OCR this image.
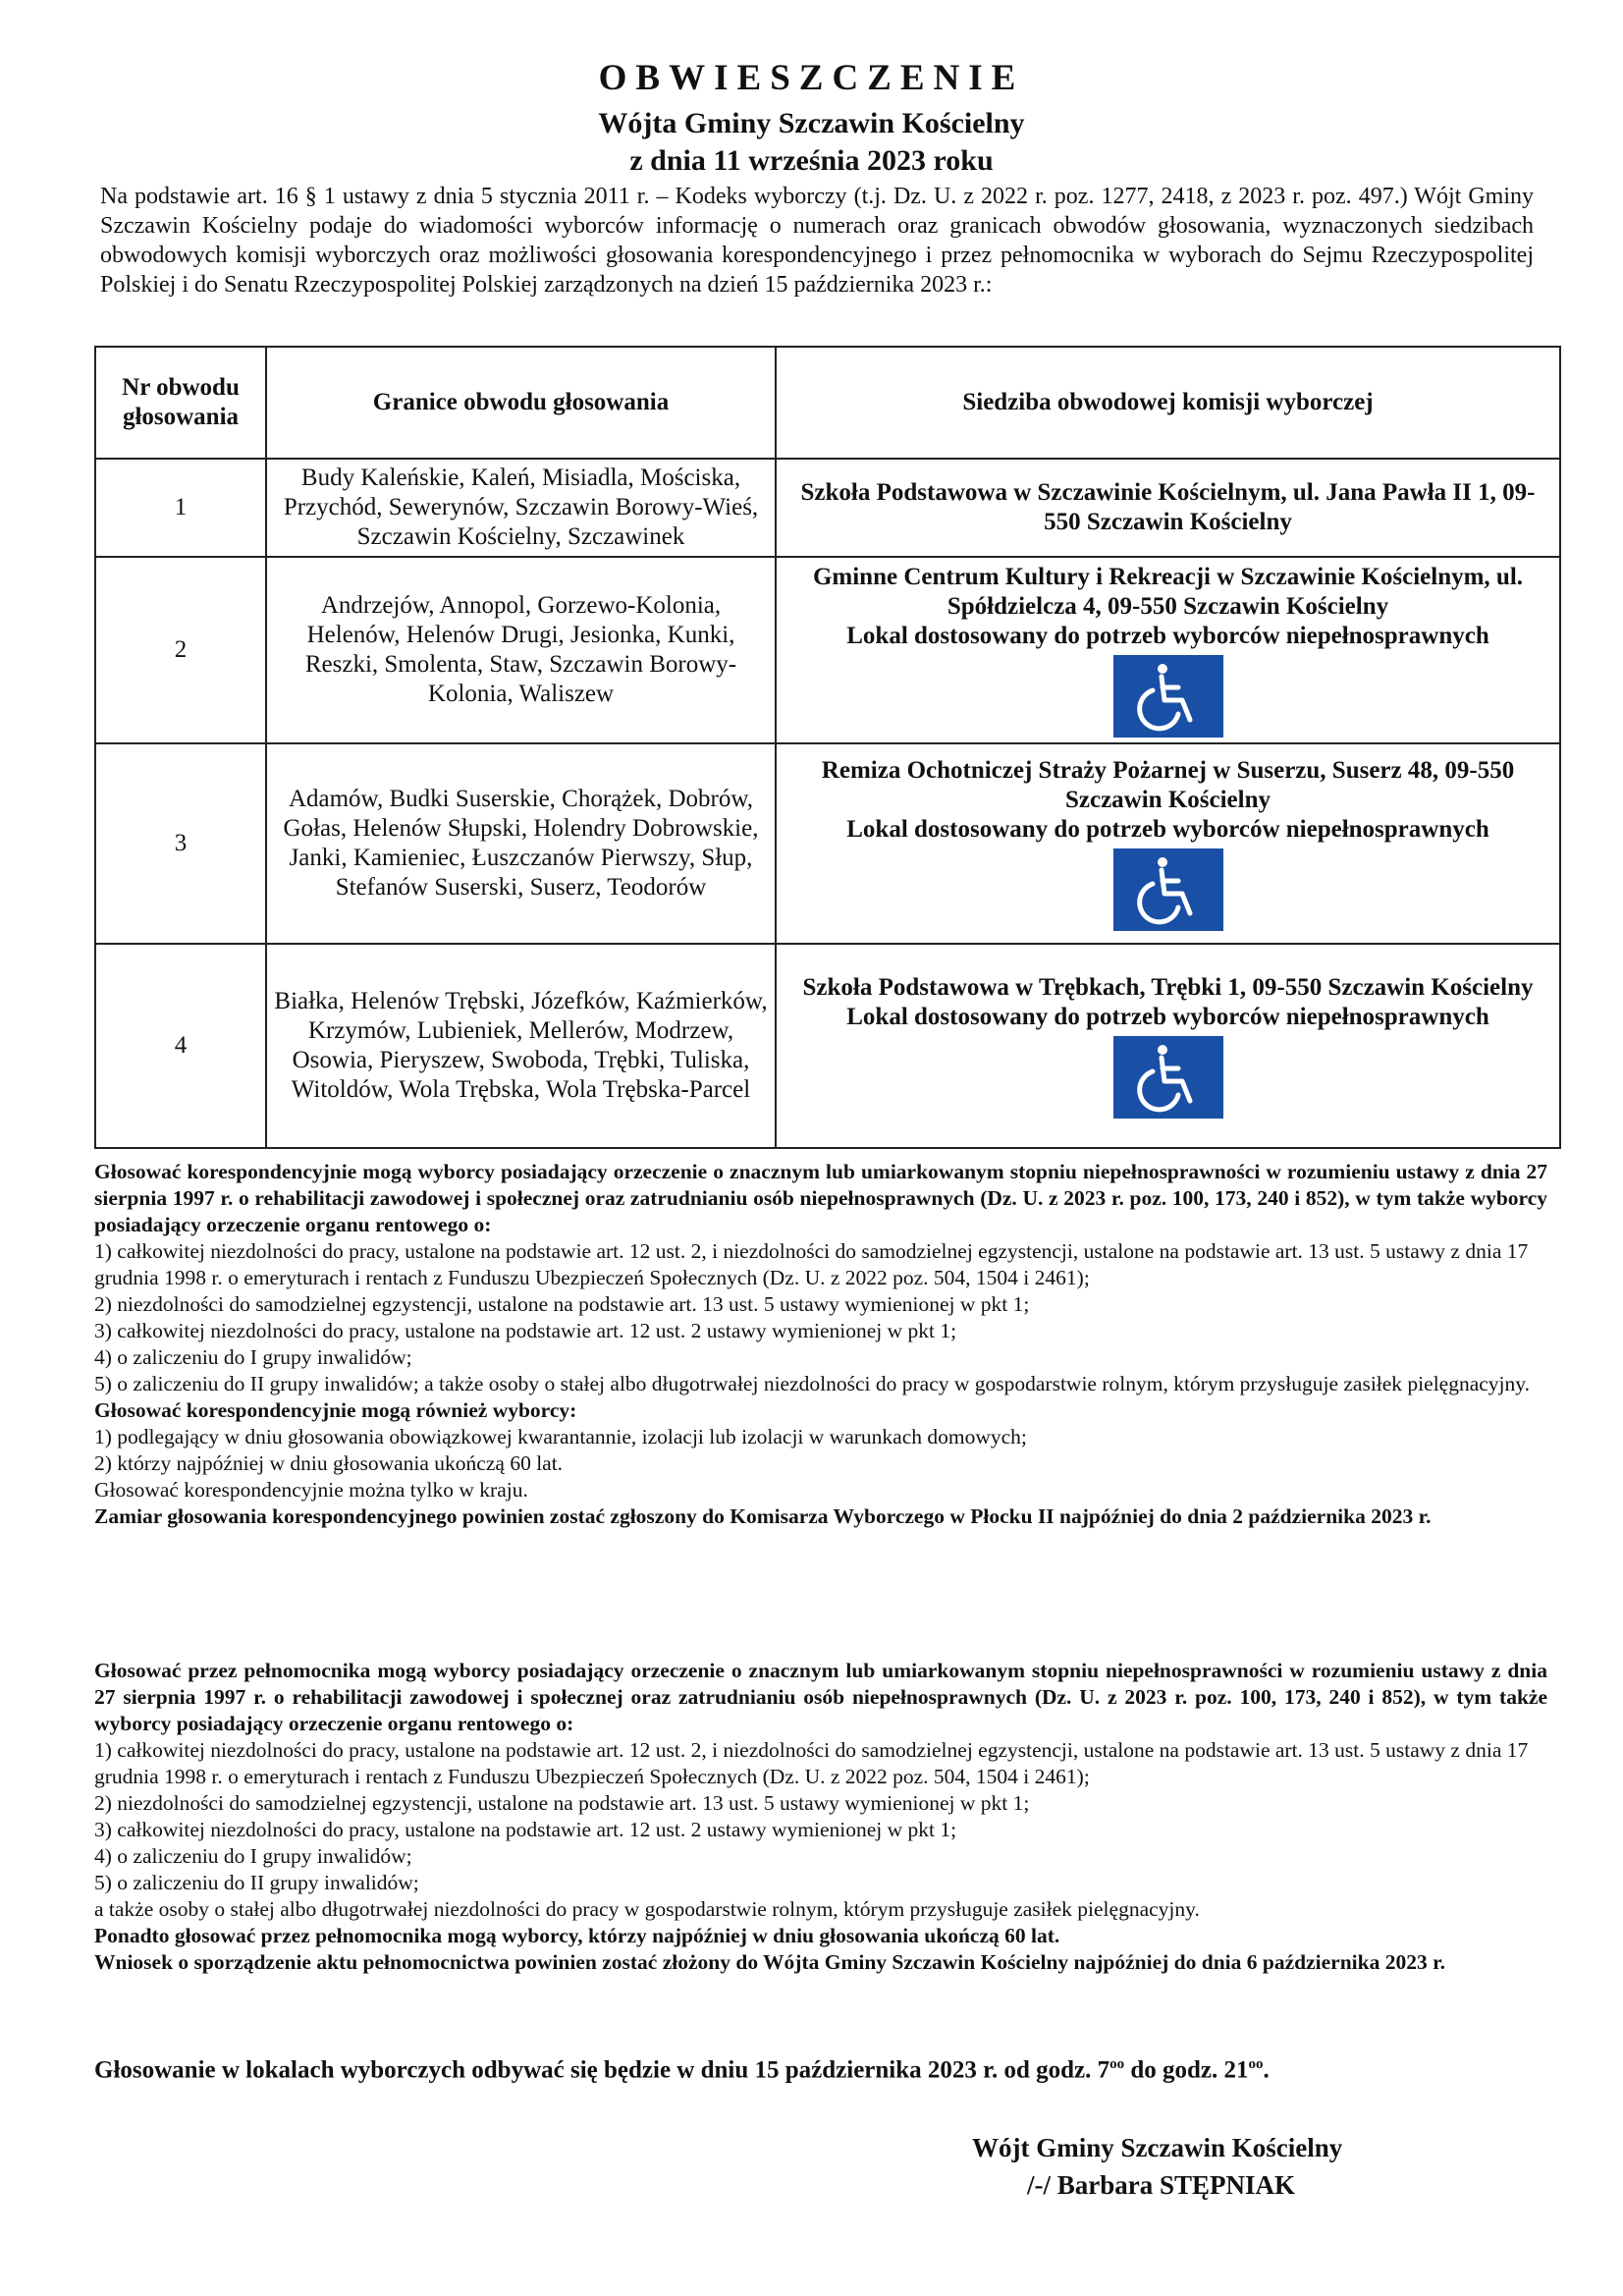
OBWIESZCZENIE
Wójta Gminy Szczawin Kościelny
z dnia 11 września 2023 roku

Na podstawie art. 16 § 1 ustawy z dnia 5 stycznia 2011 r. – Kodeks wyborczy (t.j. Dz. U. z 2022 r. poz. 1277, 2418, z 2023 r. poz. 497.) Wójt Gminy Szczawin Kościelny podaje do wiadomości wyborców informację o numerach oraz granicach obwodów głosowania, wyznaczonych siedzibach obwodowych komisji wyborczych oraz możliwości głosowania korespondencyjnego i przez pełnomocnika w wyborach do Sejmu Rzeczypospolitej Polskiej i do Senatu Rzeczypospolitej Polskiej zarządzonych na dzień 15 października 2023 r.:

Nr obwodu głosowania	Granice obwodu głosowania	Siedziba obwodowej komisji wyborczej
1	Budy Kaleńskie, Kaleń, Misiadla, Mościska, Przychód, Sewerynów, Szczawin Borowy-Wieś, Szczawin Kościelny, Szczawinek	Szkoła Podstawowa w Szczawinie Kościelnym, ul. Jana Pawła II 1, 09-550 Szczawin Kościelny

2	Andrzejów, Annopol, Gorzewo-Kolonia, Helenów, Helenów Drugi, Jesionka, Kunki, Reszki, Smolenta, Staw, Szczawin Borowy-Kolonia, Waliszew	Gminne Centrum Kultury i Rekreacji w Szczawinie Kościelnym, ul. Spółdzielcza 4, 09-550 Szczawin Kościelny
Lokal dostosowany do potrzeb wyborców niepełnosprawnych

3	Adamów, Budki Suserskie, Chorążek, Dobrów, Gołas, Helenów Słupski, Holendry Dobrowskie, Janki, Kamieniec, Łuszczanów Pierwszy, Słup, Stefanów Suserski, Suserz, Teodorów	Remiza Ochotniczej Straży Pożarnej w Suserzu, Suserz 48, 09-550 Szczawin Kościelny
Lokal dostosowany do potrzeb wyborców niepełnosprawnych

4	Białka, Helenów Trębski, Józefków, Kaźmierków, Krzymów, Lubieniek, Mellerów, Modrzew, Osowia, Pieryszew, Swoboda, Trębki, Tuliska, Witoldów, Wola Trębska, Wola Trębska-Parcel	Szkoła Podstawowa w Trębkach, Trębki 1, 09-550 Szczawin Kościelny
Lokal dostosowany do potrzeb wyborców niepełnosprawnych

Głosować korespondencyjnie mogą wyborcy posiadający orzeczenie o znacznym lub umiarkowanym stopniu niepełnosprawności w rozumieniu ustawy z dnia 27 sierpnia 1997 r. o rehabilitacji zawodowej i społecznej oraz zatrudnianiu osób niepełnosprawnych (Dz. U. z 2023 r. poz. 100, 173, 240 i 852), w tym także wyborcy posiadający orzeczenie organu rentowego o:

1) całkowitej niezdolności do pracy, ustalone na podstawie art. 12 ust. 2, i niezdolności do samodzielnej egzystencji, ustalone na podstawie art. 13 ust. 5 ustawy z dnia 17 grudnia 1998 r. o emeryturach i rentach z Funduszu Ubezpieczeń Społecznych (Dz. U. z 2022 poz. 504, 1504 i 2461);

2) niezdolności do samodzielnej egzystencji, ustalone na podstawie art. 13 ust. 5 ustawy wymienionej w pkt 1;

3) całkowitej niezdolności do pracy, ustalone na podstawie art. 12 ust. 2 ustawy wymienionej w pkt 1;

4) o zaliczeniu do I grupy inwalidów;

5) o zaliczeniu do II grupy inwalidów; a także osoby o stałej albo długotrwałej niezdolności do pracy w gospodarstwie rolnym, którym przysługuje zasiłek pielęgnacyjny.

Głosować korespondencyjnie mogą również wyborcy:

1) podlegający w dniu głosowania obowiązkowej kwarantannie, izolacji lub izolacji w warunkach domowych;

2) którzy najpóźniej w dniu głosowania ukończą 60 lat.

Głosować korespondencyjnie można tylko w kraju.

Zamiar głosowania korespondencyjnego powinien zostać zgłoszony do Komisarza Wyborczego w Płocku II najpóźniej do dnia 2 października 2023 r.

Głosować przez pełnomocnika mogą wyborcy posiadający orzeczenie o znacznym lub umiarkowanym stopniu niepełnosprawności w rozumieniu ustawy z dnia 27 sierpnia 1997 r. o rehabilitacji zawodowej i społecznej oraz zatrudnianiu osób niepełnosprawnych (Dz. U. z 2023 r. poz. 100, 173, 240 i 852), w tym także wyborcy posiadający orzeczenie organu rentowego o:

1) całkowitej niezdolności do pracy, ustalone na podstawie art. 12 ust. 2, i niezdolności do samodzielnej egzystencji, ustalone na podstawie art. 13 ust. 5 ustawy z dnia 17 grudnia 1998 r. o emeryturach i rentach z Funduszu Ubezpieczeń Społecznych (Dz. U. z 2022 poz. 504, 1504 i 2461);

2) niezdolności do samodzielnej egzystencji, ustalone na podstawie art. 13 ust. 5 ustawy wymienionej w pkt 1;

3) całkowitej niezdolności do pracy, ustalone na podstawie art. 12 ust. 2 ustawy wymienionej w pkt 1;

4) o zaliczeniu do I grupy inwalidów;

5) o zaliczeniu do II grupy inwalidów;

a także osoby o stałej albo długotrwałej niezdolności do pracy w gospodarstwie rolnym, którym przysługuje zasiłek pielęgnacyjny.

Ponadto głosować przez pełnomocnika mogą wyborcy, którzy najpóźniej w dniu głosowania ukończą 60 lat.

Wniosek o sporządzenie aktu pełnomocnictwa powinien zostać złożony do Wójta Gminy Szczawin Kościelny najpóźniej do dnia 6 października 2023 r.

Głosowanie w lokalach wyborczych odbywać się będzie w dniu 15 października 2023 r. od godz. $7^{oo}$ do godz. $21^{oo}$.
Wójt Gminy Szczawin Kościelny
/-/ Barbara STĘPNIAK
